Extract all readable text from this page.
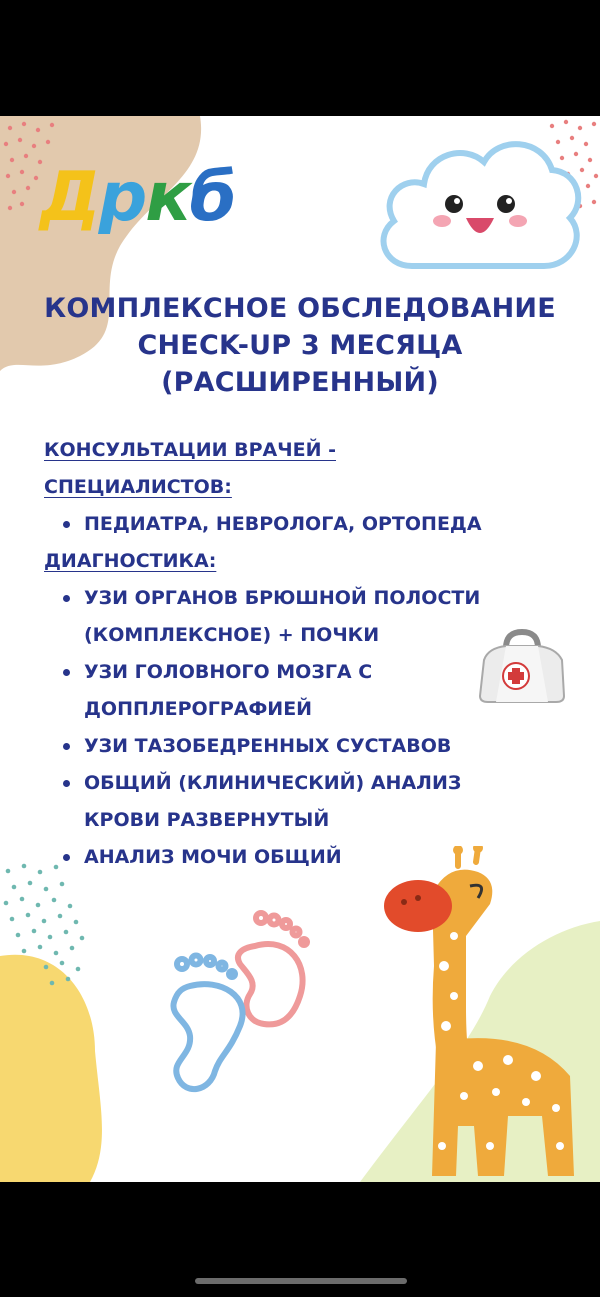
Дркб
КОМПЛЕКСНОЕ ОБСЛЕДОВАНИЕ
CHECK-UP 3 МЕСЯЦА
(РАСШИРЕННЫЙ)
КОНСУЛЬТАЦИИ ВРАЧЕЙ -
СПЕЦИАЛИСТОВ:
ПЕДИАТРА, НЕВРОЛОГА, ОРТОПЕДА
ДИАГНОСТИКА:
УЗИ ОРГАНОВ БРЮШНОЙ ПОЛОСТИ
(КОМПЛЕКСНОЕ) + ПОЧКИ
УЗИ ГОЛОВНОГО МОЗГА С
ДОППЛЕРОГРАФИЕЙ
УЗИ ТАЗОБЕДРЕННЫХ СУСТАВОВ
ОБЩИЙ (КЛИНИЧЕСКИЙ) АНАЛИЗ
КРОВИ РАЗВЕРНУТЫЙ
АНАЛИЗ МОЧИ ОБЩИЙ
